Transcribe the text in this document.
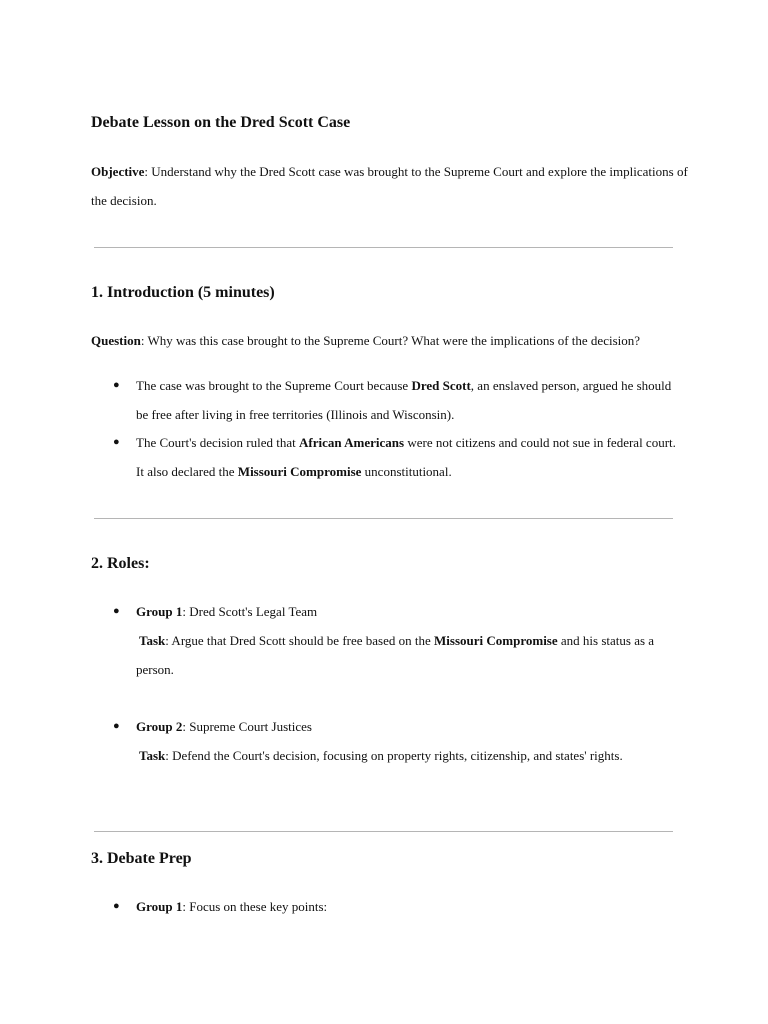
Debate Lesson on the Dred Scott Case
Objective: Understand why the Dred Scott case was brought to the Supreme Court and explore the implications of the decision.
1. Introduction (5 minutes)
Question: Why was this case brought to the Supreme Court? What were the implications of the decision?
● The case was brought to the Supreme Court because Dred Scott, an enslaved person, argued he should be free after living in free territories (Illinois and Wisconsin).
● The Court's decision ruled that African Americans were not citizens and could not sue in federal court. It also declared the Missouri Compromise unconstitutional.
2. Roles:
● Group 1: Dred Scott's Legal Team
Task: Argue that Dred Scott should be free based on the Missouri Compromise and his status as a person.
● Group 2: Supreme Court Justices
Task: Defend the Court's decision, focusing on property rights, citizenship, and states' rights.
3. Debate Prep
● Group 1: Focus on these key points:
